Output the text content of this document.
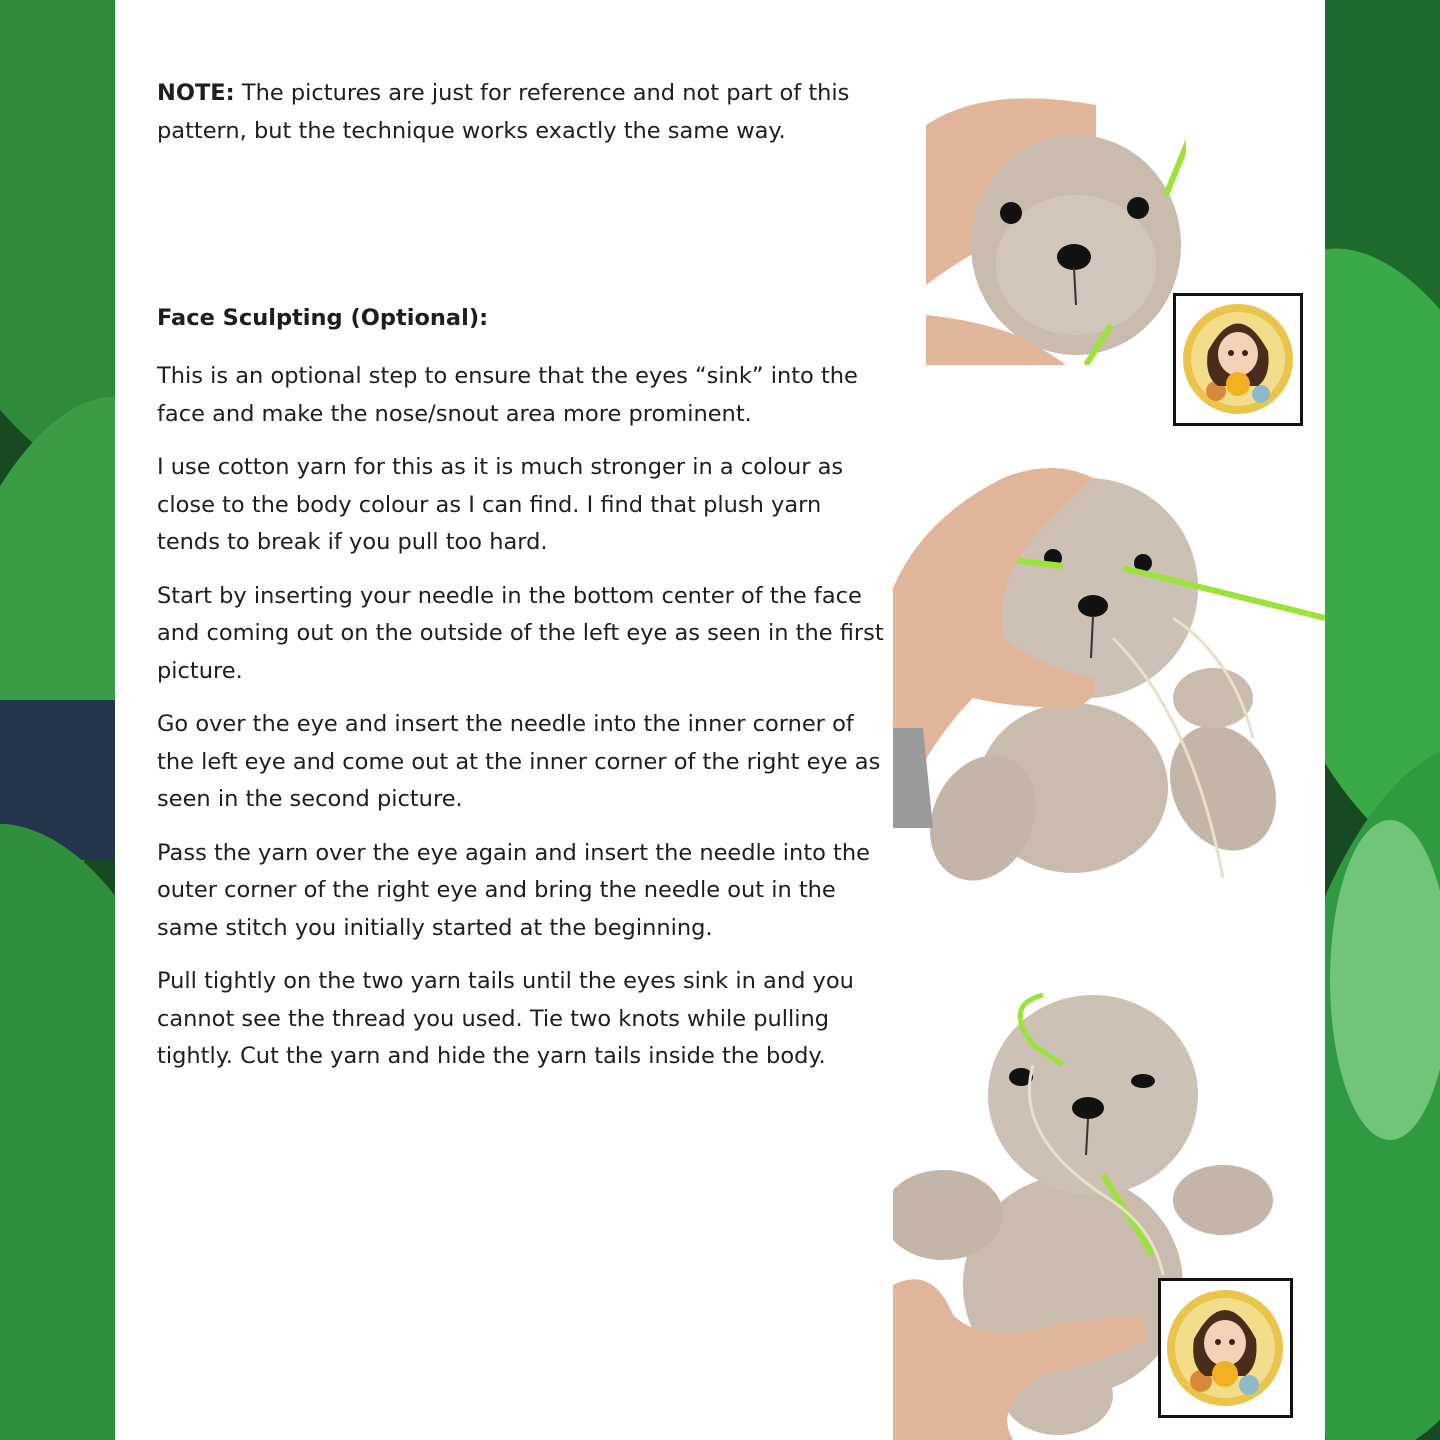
NOTE: The pictures are just for reference and not part of this pattern, but the technique works exactly the same way.

Face Sculpting (Optional):

This is an optional step to ensure that the eyes “sink” into the face and make the nose/snout area more prominent.

I use cotton yarn for this as it is much stronger in a colour as close to the body colour as I can find. I find that plush yarn tends to break if you pull too hard.

Start by inserting your needle in the bottom center of the face and coming out on the outside of the left eye as seen in the first picture.

Go over the eye and insert the needle into the inner corner of the left eye and come out at the inner corner of the right eye as seen in the second picture.

Pass the yarn over the eye again and insert the needle into the outer corner of the right eye and bring the needle out in the same stitch you initially started at the beginning.

Pull tightly on the two yarn tails until the eyes sink in and you cannot see the thread you used. Tie two knots while pulling tightly. Cut the yarn and hide the yarn tails inside the body.
